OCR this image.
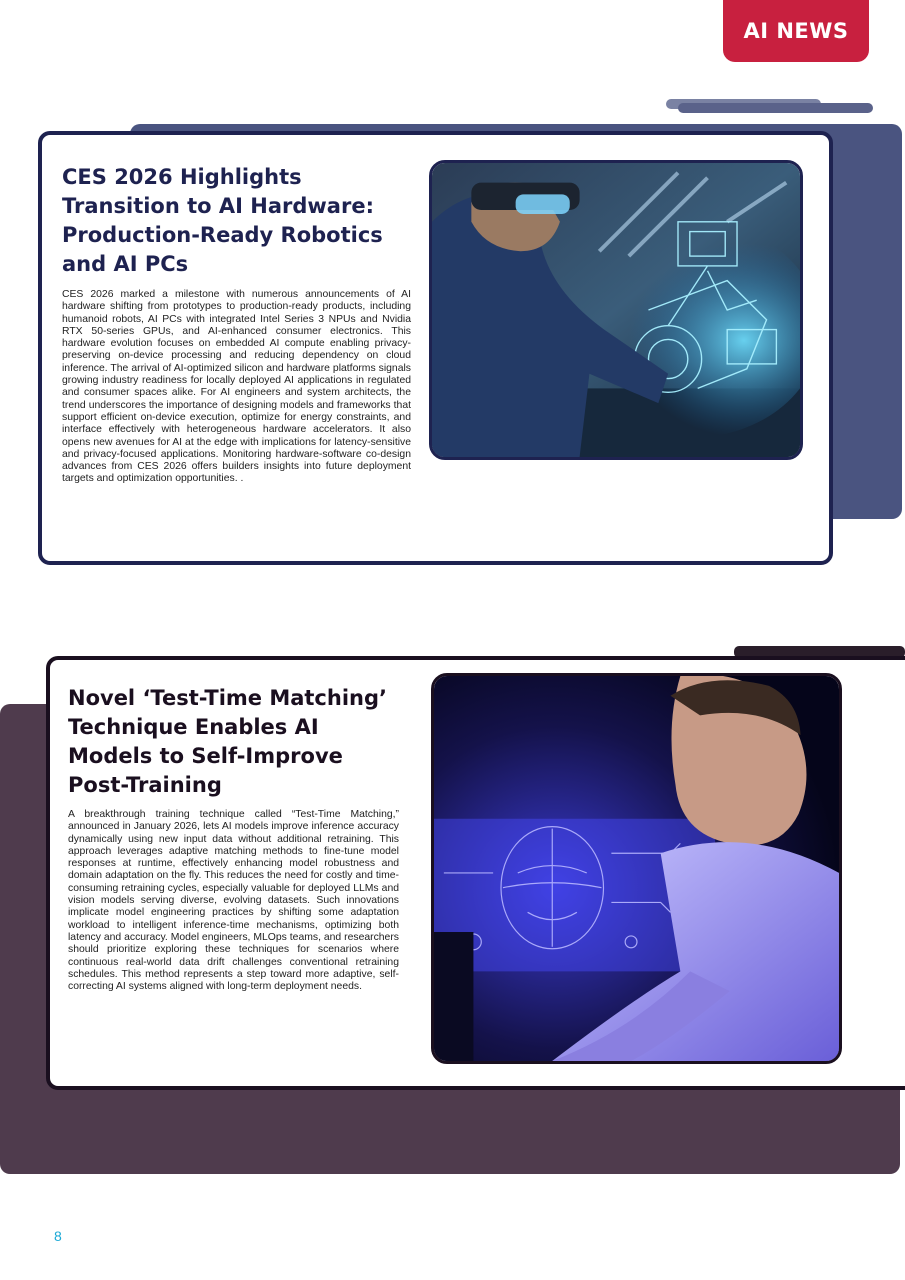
AI NEWS
CES 2026 Highlights Transition to AI Hardware: Production-Ready Robotics and AI PCs

CES 2026 marked a milestone with numerous announcements of AI hardware shifting from prototypes to production-ready products, including humanoid robots, AI PCs with integrated Intel Series 3 NPUs and Nvidia RTX 50-series GPUs, and AI-enhanced consumer electronics. This hardware evolution focuses on embedded AI compute enabling privacy-preserving on-device processing and reducing dependency on cloud inference. The arrival of AI-optimized silicon and hardware platforms signals growing industry readiness for locally deployed AI applications in regulated and consumer spaces alike. For AI engineers and system architects, the trend underscores the importance of designing models and frameworks that support efficient on-device execution, optimize for energy constraints, and interface effectively with heterogeneous hardware accelerators. It also opens new avenues for AI at the edge with implications for latency-sensitive and privacy-focused applications. Monitoring hardware-software co-design advances from CES 2026 offers builders insights into future deployment targets and optimization opportunities. .

Novel ‘Test-Time Matching’ Technique Enables AI Models to Self-Improve Post-Training

A breakthrough training technique called “Test-Time Matching,” announced in January 2026, lets AI models improve inference accuracy dynamically using new input data without additional retraining. This approach leverages adaptive matching methods to fine-tune model responses at runtime, effectively enhancing model robustness and domain adaptation on the fly. This reduces the need for costly and time-consuming retraining cycles, especially valuable for deployed LLMs and vision models serving diverse, evolving datasets. Such innovations implicate model engineering practices by shifting some adaptation workload to intelligent inference-time mechanisms, optimizing both latency and accuracy. Model engineers, MLOps teams, and researchers should prioritize exploring these techniques for scenarios where continuous real-world data drift challenges conventional retraining schedules. This method represents a step toward more adaptive, self-correcting AI systems aligned with long-term deployment needs.

8
